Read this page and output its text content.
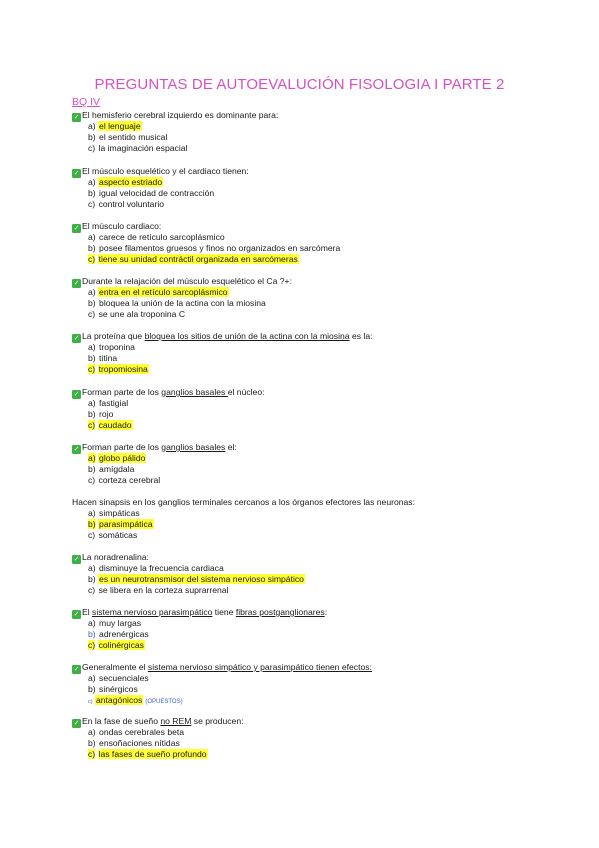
PREGUNTAS DE AUTOEVALUCIÓN FISOLOGIA I PARTE 2
BQ IV
✓ El hemisferio cerebral izquierdo es dominante para:
a) el lenguaje
b) el sentido musical
c) la imaginación espacial
✓ El músculo esquelético y el cardiaco tienen:
a) aspecto estriado
b) igual velocidad de contracción
c) control voluntario
✓ El músculo cardiaco:
a) carece de retículo sarcoplásmico
b) posee filamentos gruesos y finos no organizados en sarcómera
c) tiene su unidad contráctil organizada en sarcómeras
✓ Durante la relajación del músculo esquelético el Ca ?+:
a) entra en el retículo sarcoplásmico
b) bloquea la unión de la actina con la miosina
c) se une ala troponina C
✓ La proteína que bloquea los sitios de unión de la actina con la miosina es la:
a) troponina
b) titina
c) tropomiosina
✓ Forman parte de los ganglios basales el núcleo:
a) fastigial
b) rojo
c) caudado
✓ Forman parte de los ganglios basales el:
a) globo pálido
b) amígdala
c) corteza cerebral
Hacen sinapsis en los ganglios terminales cercanos a los órganos efectores las neuronas:
a) simpáticas
b) parasimpática
c) somáticas
✓ La noradrenalina:
a) disminuye la frecuencia cardiaca
b) es un neurotransmisor del sistema nervioso simpático
c) se libera en la corteza suprarrenal
✓ El sistema nervioso parasimpático tiene fibras postganglionares:
a) muy largas
b) adrenérgicas
c) colinérgicas
✓ Generalmente el sistema nervioso simpático y parasimpático tienen efectos:
a) secuenciales
b) sinérgicos
c) antagónicos (OPUESTOS)
✓ En la fase de sueño no REM se producen:
a) ondas cerebrales beta
b) ensoñaciones nítidas
c) las fases de sueño profundo
